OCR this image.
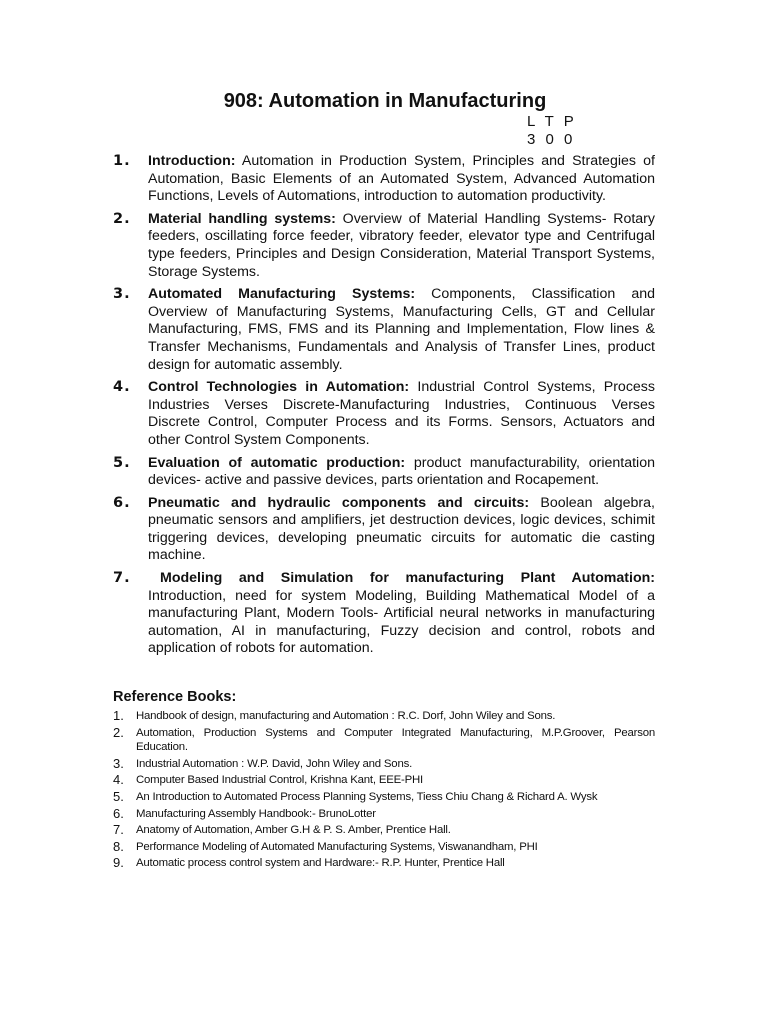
908: Automation in Manufacturing
L T P
3 0 0
1.	Introduction: Automation in Production System, Principles and Strategies of Automation, Basic Elements of an Automated System, Advanced Automation Functions, Levels of Automations, introduction to automation productivity.
2.	Material handling systems: Overview of Material Handling Systems- Rotary feeders, oscillating force feeder, vibratory feeder, elevator type and Centrifugal type feeders, Principles and Design Consideration, Material Transport Systems, Storage Systems.
3.	Automated Manufacturing Systems: Components, Classification and Overview of Manufacturing Systems, Manufacturing Cells, GT and Cellular Manufacturing, FMS, FMS and its Planning and Implementation, Flow lines & Transfer Mechanisms, Fundamentals and Analysis of Transfer Lines, product design for automatic assembly.
4.	Control Technologies in Automation: Industrial Control Systems, Process Industries Verses Discrete-Manufacturing Industries, Continuous Verses Discrete Control, Computer Process and its Forms. Sensors, Actuators and other Control System Components.
5.	Evaluation of automatic production: product manufacturability, orientation devices- active and passive devices, parts orientation and Rocapement.
6.	Pneumatic and hydraulic components and circuits: Boolean algebra, pneumatic sensors and amplifiers, jet destruction devices, logic devices, schimit triggering devices, developing pneumatic circuits for automatic die casting machine.
7.	Modeling and Simulation for manufacturing Plant Automation: Introduction, need for system Modeling, Building Mathematical Model of a manufacturing Plant, Modern Tools- Artificial neural networks in manufacturing automation, AI in manufacturing, Fuzzy decision and control, robots and application of robots for automation.
Reference Books:
1.	Handbook of design, manufacturing and Automation : R.C. Dorf, John Wiley and Sons.
2.	Automation, Production Systems and Computer Integrated Manufacturing, M.P.Groover, Pearson Education.
3.	Industrial Automation : W.P. David, John Wiley and Sons.
4.	Computer Based Industrial Control, Krishna Kant, EEE-PHI
5.	An Introduction to Automated Process Planning Systems, Tiess Chiu Chang & Richard A. Wysk
6.	Manufacturing Assembly Handbook:- BrunoLotter
7.	Anatomy of Automation, Amber G.H & P. S. Amber, Prentice Hall.
8.	Performance Modeling of Automated Manufacturing Systems, Viswanandham, PHI
9.	Automatic process control system and Hardware:- R.P. Hunter, Prentice Hall
